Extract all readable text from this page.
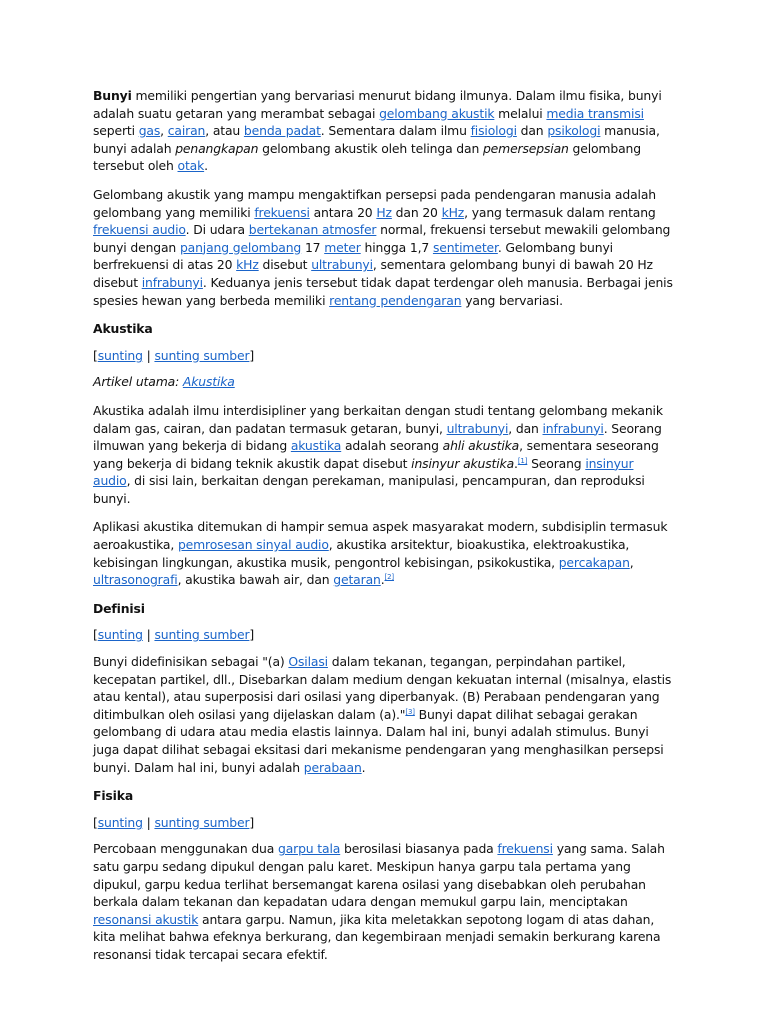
Bunyi memiliki pengertian yang bervariasi menurut bidang ilmunya. Dalam ilmu fisika, bunyi adalah suatu getaran yang merambat sebagai gelombang akustik melalui media transmisi seperti gas, cairan, atau benda padat. Sementara dalam ilmu fisiologi dan psikologi manusia, bunyi adalah penangkapan gelombang akustik oleh telinga dan pemersepsian gelombang tersebut oleh otak.

Gelombang akustik yang mampu mengaktifkan persepsi pada pendengaran manusia adalah gelombang yang memiliki frekuensi antara 20 Hz dan 20 kHz, yang termasuk dalam rentang frekuensi audio. Di udara bertekanan atmosfer normal, frekuensi tersebut mewakili gelombang bunyi dengan panjang gelombang 17 meter hingga 1,7 sentimeter. Gelombang bunyi berfrekuensi di atas 20 kHz disebut ultrabunyi, sementara gelombang bunyi di bawah 20 Hz disebut infrabunyi. Keduanya jenis tersebut tidak dapat terdengar oleh manusia. Berbagai jenis spesies hewan yang berbeda memiliki rentang pendengaran yang bervariasi.

Akustika

[sunting | sunting sumber]

Artikel utama: Akustika

Akustika adalah ilmu interdisipliner yang berkaitan dengan studi tentang gelombang mekanik dalam gas, cairan, dan padatan termasuk getaran, bunyi, ultrabunyi, dan infrabunyi. Seorang ilmuwan yang bekerja di bidang akustika adalah seorang ahli akustika, sementara seseorang yang bekerja di bidang teknik akustik dapat disebut insinyur akustika.[1] Seorang insinyur audio, di sisi lain, berkaitan dengan perekaman, manipulasi, pencampuran, dan reproduksi bunyi.

Aplikasi akustika ditemukan di hampir semua aspek masyarakat modern, subdisiplin termasuk aeroakustika, pemrosesan sinyal audio, akustika arsitektur, bioakustika, elektroakustika, kebisingan lingkungan, akustika musik, pengontrol kebisingan, psikokustika, percakapan, ultrasonografi, akustika bawah air, dan getaran.[2]

Definisi

[sunting | sunting sumber]

Bunyi didefinisikan sebagai "(a) Osilasi dalam tekanan, tegangan, perpindahan partikel, kecepatan partikel, dll., Disebarkan dalam medium dengan kekuatan internal (misalnya, elastis atau kental), atau superposisi dari osilasi yang diperbanyak. (B) Perabaan pendengaran yang ditimbulkan oleh osilasi yang dijelaskan dalam (a)."[3] Bunyi dapat dilihat sebagai gerakan gelombang di udara atau media elastis lainnya. Dalam hal ini, bunyi adalah stimulus. Bunyi juga dapat dilihat sebagai eksitasi dari mekanisme pendengaran yang menghasilkan persepsi bunyi. Dalam hal ini, bunyi adalah perabaan.

Fisika

[sunting | sunting sumber]

Percobaan menggunakan dua garpu tala berosilasi biasanya pada frekuensi yang sama. Salah satu garpu sedang dipukul dengan palu karet. Meskipun hanya garpu tala pertama yang dipukul, garpu kedua terlihat bersemangat karena osilasi yang disebabkan oleh perubahan berkala dalam tekanan dan kepadatan udara dengan memukul garpu lain, menciptakan resonansi akustik antara garpu. Namun, jika kita meletakkan sepotong logam di atas dahan, kita melihat bahwa efeknya berkurang, dan kegembiraan menjadi semakin berkurang karena resonansi tidak tercapai secara efektif.
